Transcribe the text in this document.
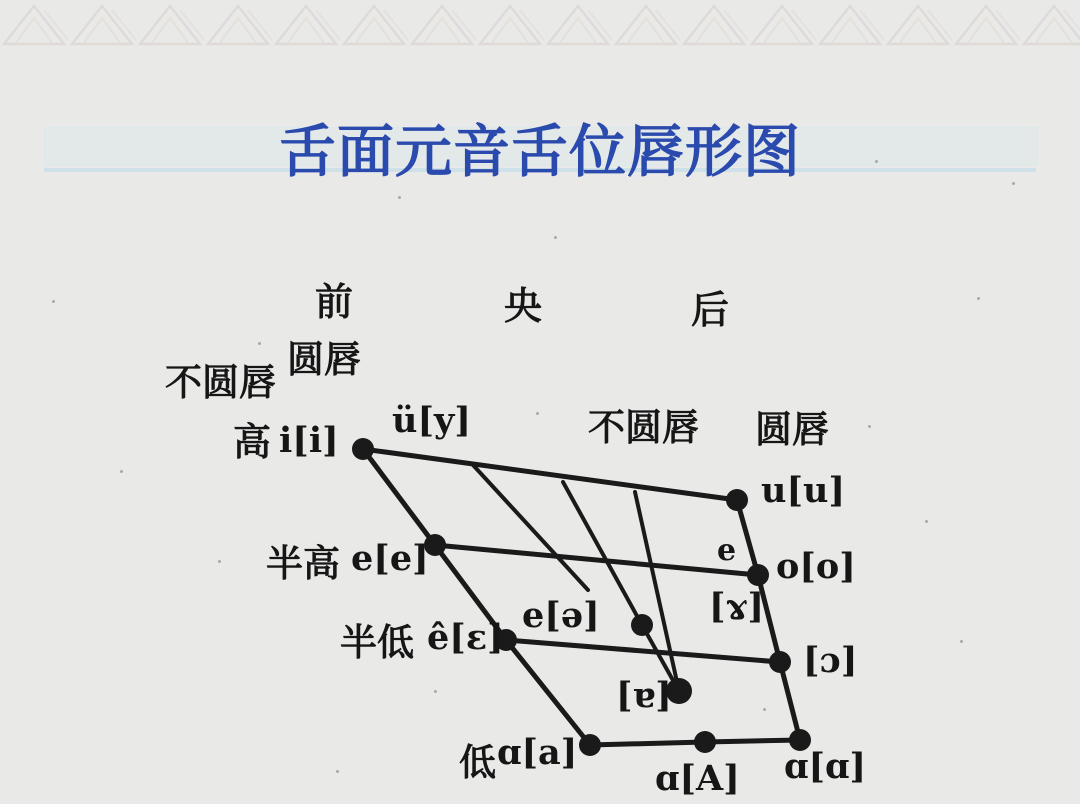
舌面元音舌位唇形图
前	央	后
圆唇
不圆唇
不圆唇 圆唇
高 i[i] ü[y]
u[u]
半高 e[e]	e o[o]
[ɤ]
半低 ê[ɛ]
e[ə]
[ɔ]
[ɐ]
低 ɑ[a]
ɑ[A] ɑ[ɑ]
